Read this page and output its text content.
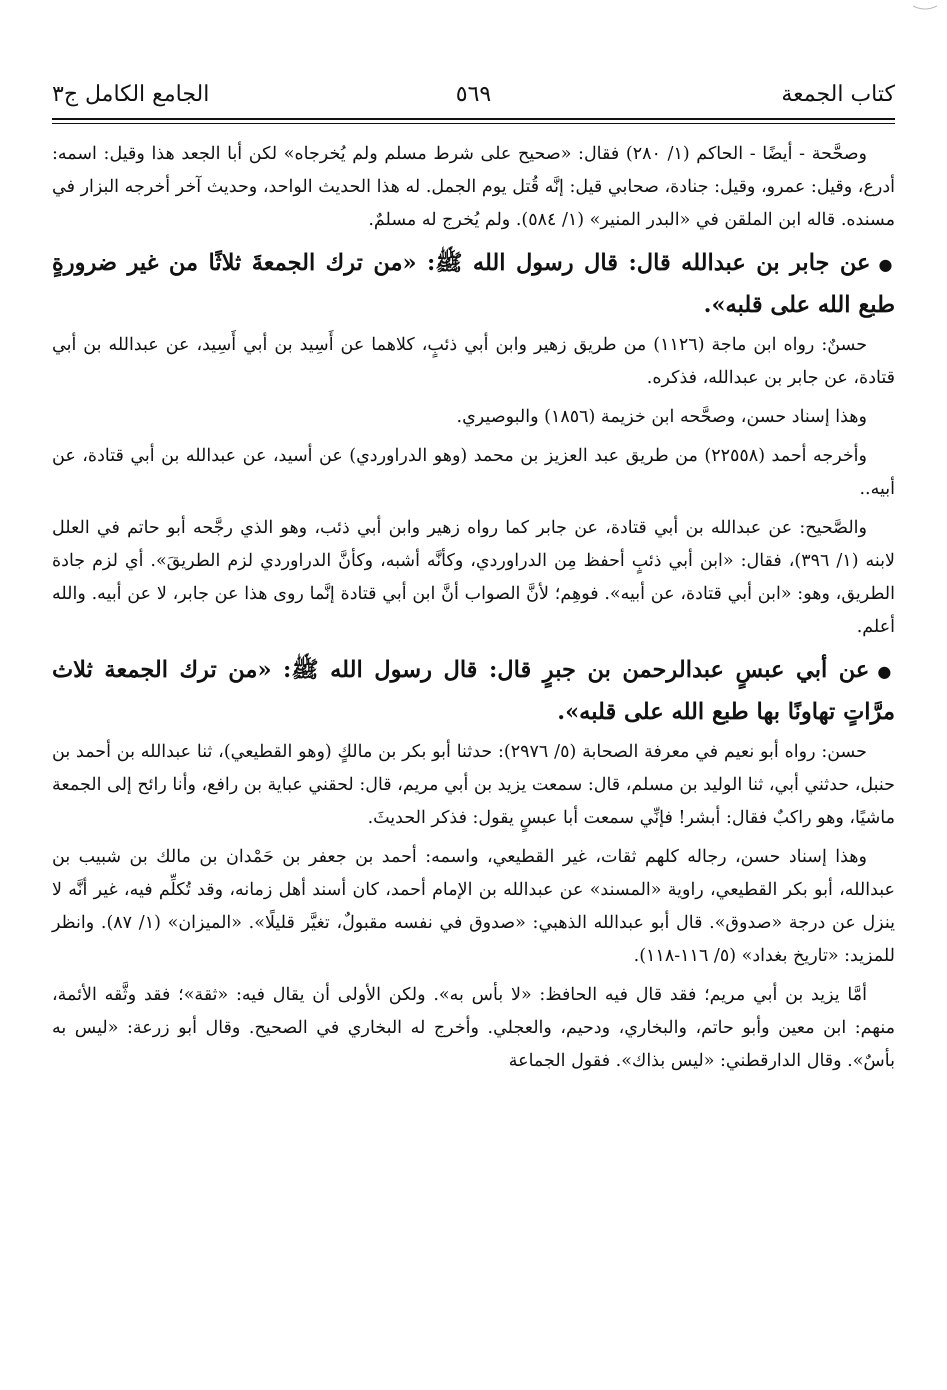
كتاب الجمعة
٥٦٩
الجامع الكامل ج٣
وصحَّحة - أيضًا - الحاكم (١/ ٢٨٠) فقال: «صحيح على شرط مسلم ولم يُخرجاه» لكن أبا الجعد هذا وقيل: اسمه: أدرع، وقيل: عمرو، وقيل: جنادة، صحابي قيل: إنَّه قُتل يوم الجمل. له هذا الحديث الواحد، وحديث آخر أخرجه البزار في مسنده. قاله ابن الملقن في «البدر المنير» (١/ ٥٨٤). ولم يُخرج له مسلمٌ.
●عن جابر بن عبدالله قال: قال رسول الله ﷺ: «من ترك الجمعةَ ثلاثًا من غير ضرورةٍ طبع الله على قلبه».
حسنٌ: رواه ابن ماجة (١١٢٦) من طريق زهير وابن أبي ذئبٍ، كلاهما عن أَسِيد بن أبي أَسِيد، عن عبدالله بن أبي قتادة، عن جابر بن عبدالله، فذكره.
وهذا إسناد حسن، وصحَّحه ابن خزيمة (١٨٥٦) والبوصيري.
وأخرجه أحمد (٢٢٥٥٨) من طريق عبد العزيز بن محمد (وهو الدراوردي) عن أسيد، عن عبدالله بن أبي قتادة، عن أبيه..
والصَّحيح: عن عبدالله بن أبي قتادة، عن جابر كما رواه زهير وابن أبي ذئب، وهو الذي رجَّحه أبو حاتم في العلل لابنه (١/ ٣٩٦)، فقال: «ابن أبي ذئبٍ أحفظ مِن الدراوردي، وكأنَّه أشبه، وكأنَّ الدراوردي لزم الطريقَ». أي لزم جادة الطريق، وهو: «ابن أبي قتادة، عن أبيه». فوهِم؛ لأنَّ الصواب أنَّ ابن أبي قتادة إنَّما روى هذا عن جابر، لا عن أبيه. والله أعلم.
●عن أبي عبسٍ عبدالرحمن بن جبرٍ قال: قال رسول الله ﷺ: «من ترك الجمعة ثلاث مرَّاتٍ تهاونًا بها طبع الله على قلبه».
حسن: رواه أبو نعيم في معرفة الصحابة (٥/ ٢٩٧٦): حدثنا أبو بكر بن مالكٍ (وهو القطيعي)، ثنا عبدالله بن أحمد بن حنبل، حدثني أبي، ثنا الوليد بن مسلم، قال: سمعت يزيد بن أبي مريم، قال: لحقني عباية بن رافع، وأنا رائح إلى الجمعة ماشيًا، وهو راكبٌ فقال: أبشر! فإنِّي سمعت أبا عبسٍ يقول: فذكر الحديثَ.
وهذا إسناد حسن، رجاله كلهم ثقات، غير القطيعي، واسمه: أحمد بن جعفر بن حَمْدان بن مالك بن شبيب بن عبدالله، أبو بكر القطيعي، راوية «المسند» عن عبدالله بن الإمام أحمد، كان أسند أهل زمانه، وقد تُكلِّم فيه، غير أنَّه لا ينزل عن درجة «صدوق». قال أبو عبدالله الذهبي: «صدوق في نفسه مقبولٌ، تغيَّر قليلًا». «الميزان» (١/ ٨٧). وانظر للمزيد: «تاريخ بغداد» (٥/ ١١٦-١١٨).
أمَّا يزيد بن أبي مريم؛ فقد قال فيه الحافظ: «لا بأس به». ولكن الأولى أن يقال فيه: «ثقة»؛ فقد وثَّقه الأئمة، منهم: ابن معين وأبو حاتم، والبخاري، ودحيم، والعجلي. وأخرج له البخاري في الصحيح. وقال أبو زرعة: «ليس به بأسٌ». وقال الدارقطني: «ليس بذاك». فقول الجماعة
